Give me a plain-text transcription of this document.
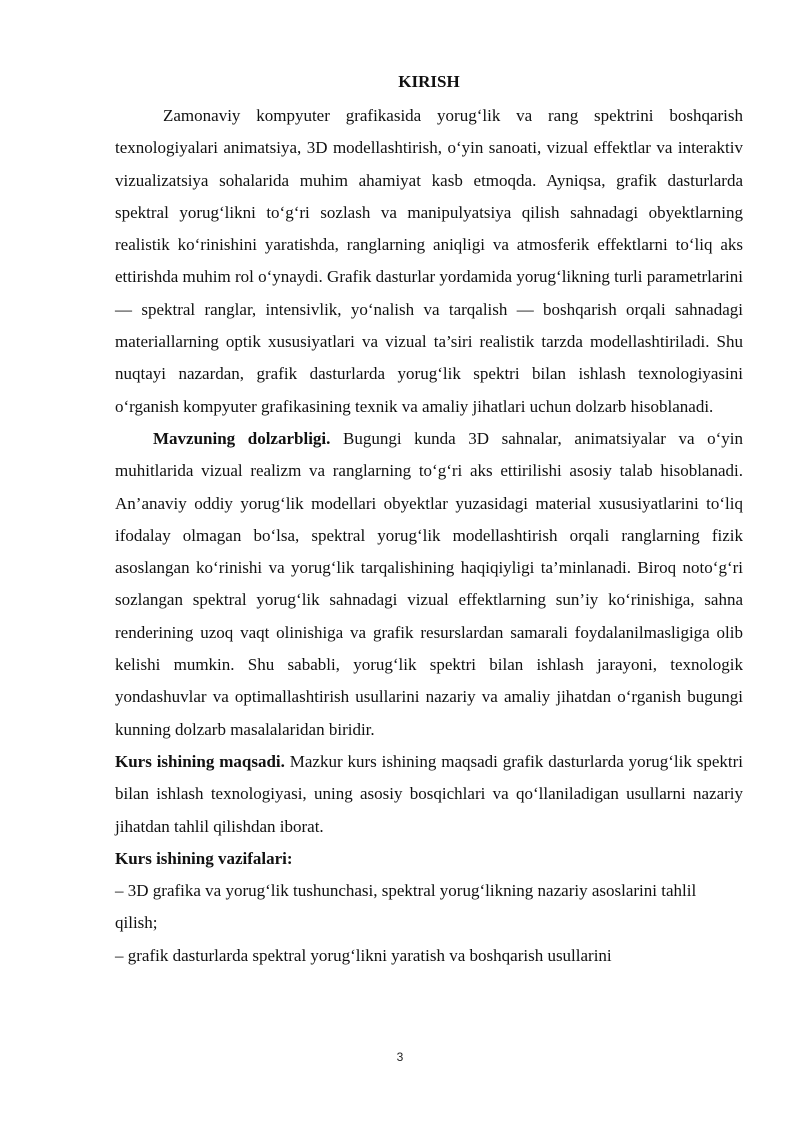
KIRISH

Zamonaviy kompyuter grafikasida yorug‘lik va rang spektrini boshqarish texnologiyalari animatsiya, 3D modellashtirish, o‘yin sanoati, vizual effektlar va interaktiv vizualizatsiya sohalarida muhim ahamiyat kasb etmoqda. Ayniqsa, grafik dasturlarda spektral yorug‘likni to‘g‘ri sozlash va manipulyatsiya qilish sahnadagi obyektlarning realistik ko‘rinishini yaratishda, ranglarning aniqligi va atmosferik effektlarni to‘liq aks ettirishda muhim rol o‘ynaydi. Grafik dasturlar yordamida yorug‘likning turli parametrlarini — spektral ranglar, intensivlik, yo‘nalish va tarqalish — boshqarish orqali sahnadagi materiallarning optik xususiyatlari va vizual ta’siri realistik tarzda modellashtiriladi. Shu nuqtayi nazardan, grafik dasturlarda yorug‘lik spektri bilan ishlash texnologiyasini o‘rganish kompyuter grafikasining texnik va amaliy jihatlari uchun dolzarb hisoblanadi.

Mavzuning dolzarbligi. Bugungi kunda 3D sahnalar, animatsiyalar va o‘yin muhitlarida vizual realizm va ranglarning to‘g‘ri aks ettirilishi asosiy talab hisoblanadi. An’anaviy oddiy yorug‘lik modellari obyektlar yuzasidagi material xususiyatlarini to‘liq ifodalay olmagan bo‘lsa, spektral yorug‘lik modellashtirish orqali ranglarning fizik asoslangan ko‘rinishi va yorug‘lik tarqalishining haqiqiyligi ta’minlanadi. Biroq noto‘g‘ri sozlangan spektral yorug‘lik sahnadagi vizual effektlarning sun’iy ko‘rinishiga, sahna renderining uzoq vaqt olinishiga va grafik resurslardan samarali foydalanilmasligiga olib kelishi mumkin. Shu sababli, yorug‘lik spektri bilan ishlash jarayoni, texnologik yondashuvlar va optimallashtirish usullarini nazariy va amaliy jihatdan o‘rganish bugungi kunning dolzarb masalalaridan biridir.

Kurs ishining maqsadi. Mazkur kurs ishining maqsadi grafik dasturlarda yorug‘lik spektri bilan ishlash texnologiyasi, uning asosiy bosqichlari va qo‘llaniladigan usullarni nazariy jihatdan tahlil qilishdan iborat.

Kurs ishining vazifalari:

– 3D grafika va yorug‘lik tushunchasi, spektral yorug‘likning nazariy asoslarini tahlil qilish;

– grafik dasturlarda spektral yorug‘likni yaratish va boshqarish usullarini

3
